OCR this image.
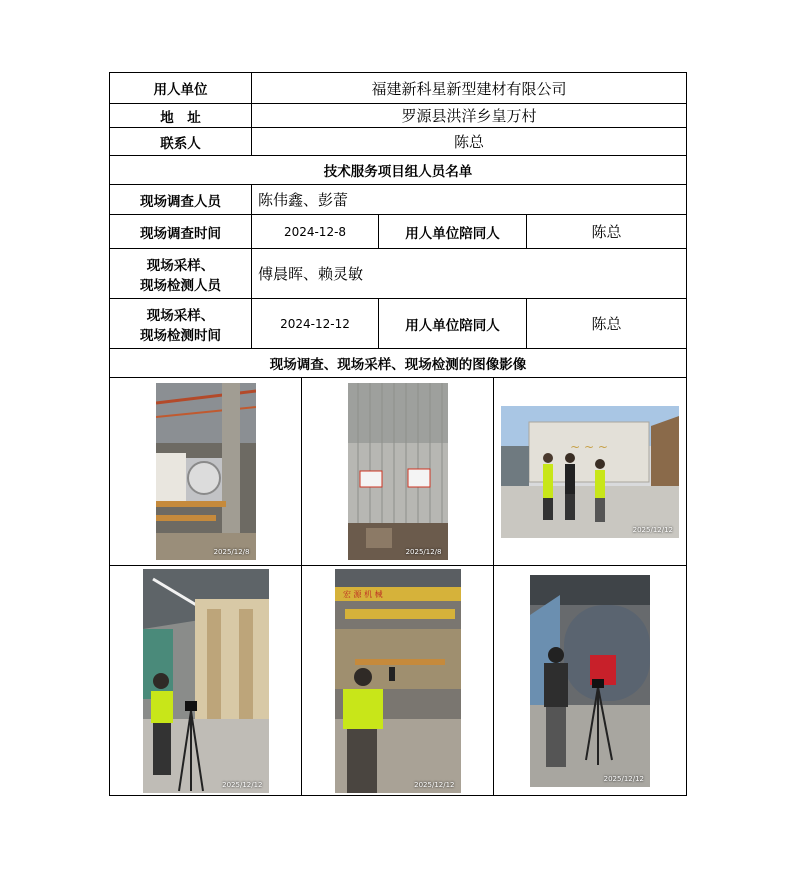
用人单位	福建新科星新型建材有限公司		
地　址	罗源县洪洋乡皇万村		
联系人	陈总		
技术服务项目组人员名单			
现场调查人员	陈伟鑫、彭蕾		
现场调查时间	2024-12-8	用人单位陪同人	陈总

现场采样、
现场检测人员	傅晨晖、赖灵敏		

现场采样、
现场检测时间	2024-12-12	用人单位陪同人	陈总
现场调查、现场采样、现场检测的图像影像			
2025/12/8	2025/12/8	~ ~ ~
2025/12/12

2025/12/12	宏 源 机 械
2025/12/12	2025/12/12
